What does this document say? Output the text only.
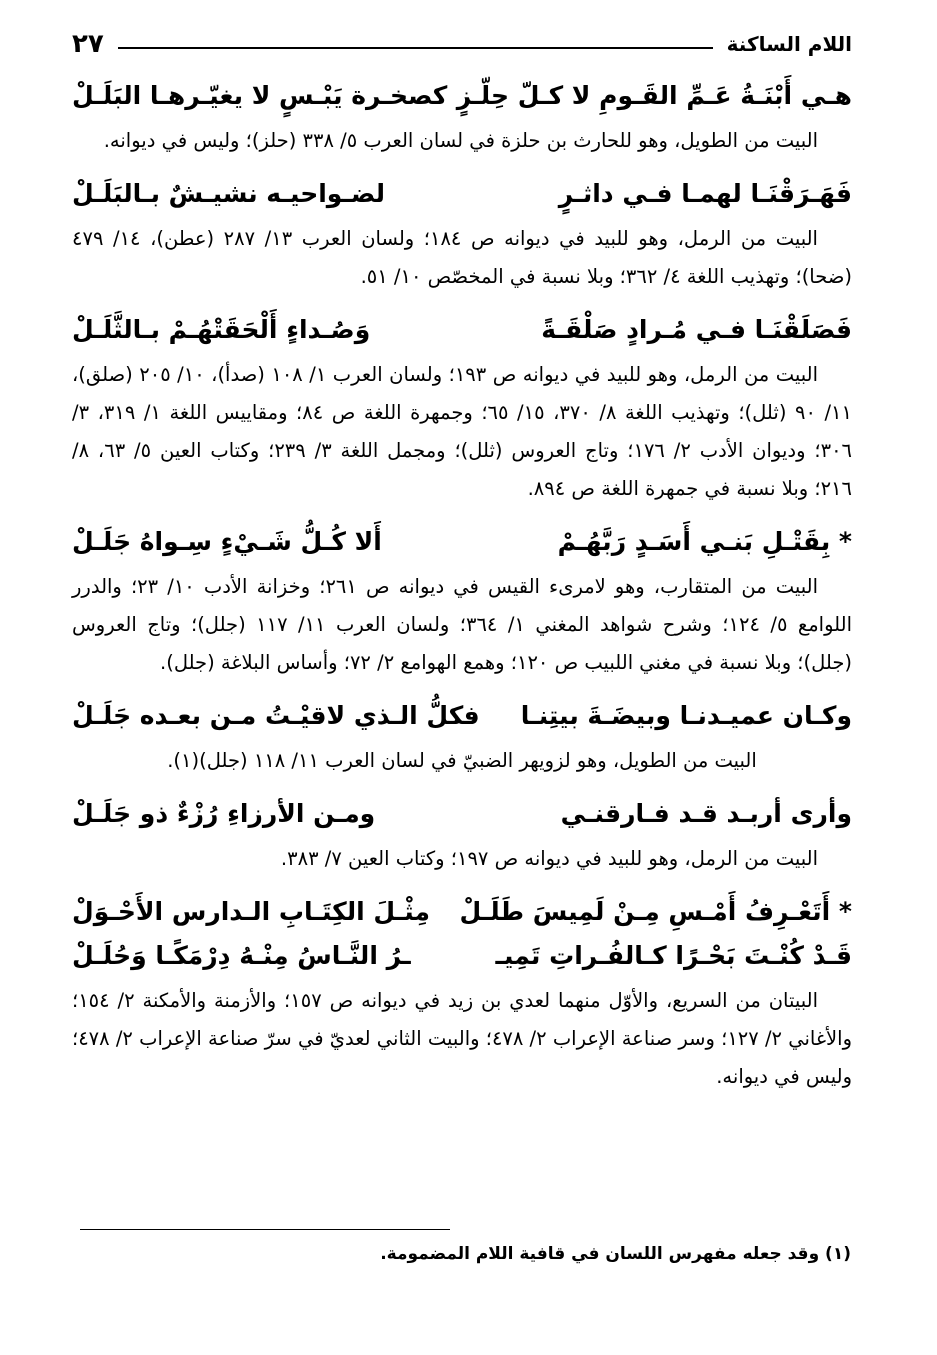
اللام الساكنة
٢٧
هـي أَبْنَـةُ عَـمِّ القَـومِ لا كـلّ حِلّـزٍ
كصخـرة يَبْـسٍ لا يغيّـرهـا البَلَـلْ

البيت من الطويل، وهو للحارث بن حلزة في لسان العرب ٥/ ٣٣٨ (حلز)؛ وليس في ديوانه.

فَهَـرَقْنَـا لهمـا فـي داثـرٍ
لضـواحيـه نشيـشٌ بـالبَلَـلْ

البيت من الرمل، وهو للبيد في ديوانه ص ١٨٤؛ ولسان العرب ١٣/ ٢٨٧ (عطن)، ١٤/ ٤٧٩ (ضحا)؛ وتهذيب اللغة ٤/ ٣٦٢؛ وبلا نسبة في المخصّص ١٠/ ٥١.

فَصَلَقْنَـا فـي مُـرادٍ صَلْقَـةً
وَصُـداءٍ أَلْحَقَتْهُـمْ بـالثَّلَـلْ

البيت من الرمل، وهو للبيد في ديوانه ص ١٩٣؛ ولسان العرب ١/ ١٠٨ (صدأ)، ١٠/ ٢٠٥ (صلق)، ١١/ ٩٠ (ثلل)؛ وتهذيب اللغة ٨/ ٣٧٠، ١٥/ ٦٥؛ وجمهرة اللغة ص ٨٤؛ ومقاييس اللغة ١/ ٣١٩، ٣/ ٣٠٦؛ وديوان الأدب ٢/ ١٧٦؛ وتاج العروس (ثلل)؛ ومجمل اللغة ٣/ ٢٣٩؛ وكتاب العين ٥/ ٦٣، ٨/ ٢١٦؛ وبلا نسبة في جمهرة اللغة ص ٨٩٤.

* بِقَتْـلِ بَنـي أَسَـدٍ رَبَّهُـمْ
أَلا كُـلُّ شَـيْءٍ سِـواهُ جَلَـلْ

البيت من المتقارب، وهو لامرىء القيس في ديوانه ص ٢٦١؛ وخزانة الأدب ١٠/ ٢٣؛ والدرر اللوامع ٥/ ١٢٤؛ وشرح شواهد المغني ١/ ٣٦٤؛ ولسان العرب ١١/ ١١٧ (جلل)؛ وتاج العروس (جلل)؛ وبلا نسبة في مغني اللبيب ص ١٢٠؛ وهمع الهوامع ٢/ ٧٢؛ وأساس البلاغة (جلل).

وكـان عميـدنـا وبيضَـةَ بيتِنـا
فكلُّ الـذي لاقيْـتُ مـن بعـده جَلَـلْ

البيت من الطويل، وهو لزويهر الضبيّ في لسان العرب ١١/ ١١٨ (جلل)(١).

وأرى أربـد قـد فـارقنـي
ومـن الأرزاءِ رُزْءٌ ذو جَلَـلْ

البيت من الرمل، وهو للبيد في ديوانه ص ١٩٧؛ وكتاب العين ٧/ ٣٨٣.

* أَتَعْـرِفُ أَمْـسِ مِـنْ لَمِيسَ طَلَـلْ
مِثْـلَ الكِتَـابِ الـدارس الأَحْـوَلْ
قَـدْ كُنْـتَ بَحْـرًا كـالفُـراتِ تَمِيـ
ـرُ النَّـاسُ مِنْـهُ دِرْمَكًـا وَحُلَـلْ

البيتان من السريع، والأوّل منهما لعدي بن زيد في ديوانه ص ١٥٧؛ والأزمنة والأمكنة ٢/ ١٥٤؛ والأغاني ٢/ ١٢٧؛ وسر صناعة الإعراب ٢/ ٤٧٨؛ والبيت الثاني لعديّ في سرّ صناعة الإعراب ٢/ ٤٧٨؛ وليس في ديوانه.

(١) وقد جعله مفهرس اللسان في قافية اللام المضمومة.
